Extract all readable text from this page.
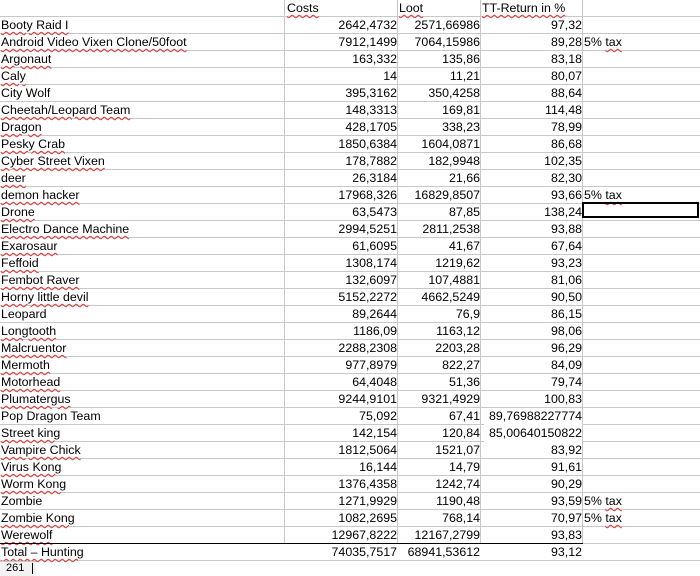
Costs	Loot	TT-Return in %
Booty Raid I	2642,4732	2571,66986	97,32
Android Video Vixen Clone/50foot	7912,1499	7064,15986	89,28 5% tax
Argonaut	163,332	135,86	83,18
Caly	14	11,21	80,07
City Wolf	395,3162	350,4258	88,64
Cheetah/Leopard Team	148,3313	169,81	114,48
Dragon	428,1705	338,23	78,99
Pesky Crab	1850,6384	1604,0871	86,68
Cyber Street Vixen	178,7882	182,9948	102,35
deer	26,3184	21,66	82,30
demon hacker	17968,326	16829,8507	93,66 5% tax
Drone	63,5473	87,85	138,24
Electro Dance Machine	2994,5251	2811,2538	93,88
Exarosaur	61,6095	41,67	67,64
Feffoid	1308,174	1219,62	93,23
Fembot Raver	132,6097	107,4881	81,06
Horny little devil	5152,2272	4662,5249	90,50
Leopard	89,2644	76,9	86,15
Longtooth	1186,09	1163,12	98,06
Malcruentor	2288,2308	2203,28	96,29
Mermoth	977,8979	822,27	84,09
Motorhead	64,4048	51,36	79,74
Plumatergus	9244,9101	9321,4929	100,83
Pop Dragon Team	75,092	67,41 89,76988227774
Street king	142,154	120,84 85,00640150822
Vampire Chick	1812,5064	1521,07	83,92
Virus Kong	16,144	14,79	91,61
Worm Kong	1376,4358	1242,74	90,29
Zombie	1271,9929	1190,48	93,59 5% tax
Zombie Kong	1082,2695	768,14	70,97 5% tax
Werewolf	12967,8222	12167,2799	93,83
Total – Hunting	74035,7517 68941,53612	93,12
261
